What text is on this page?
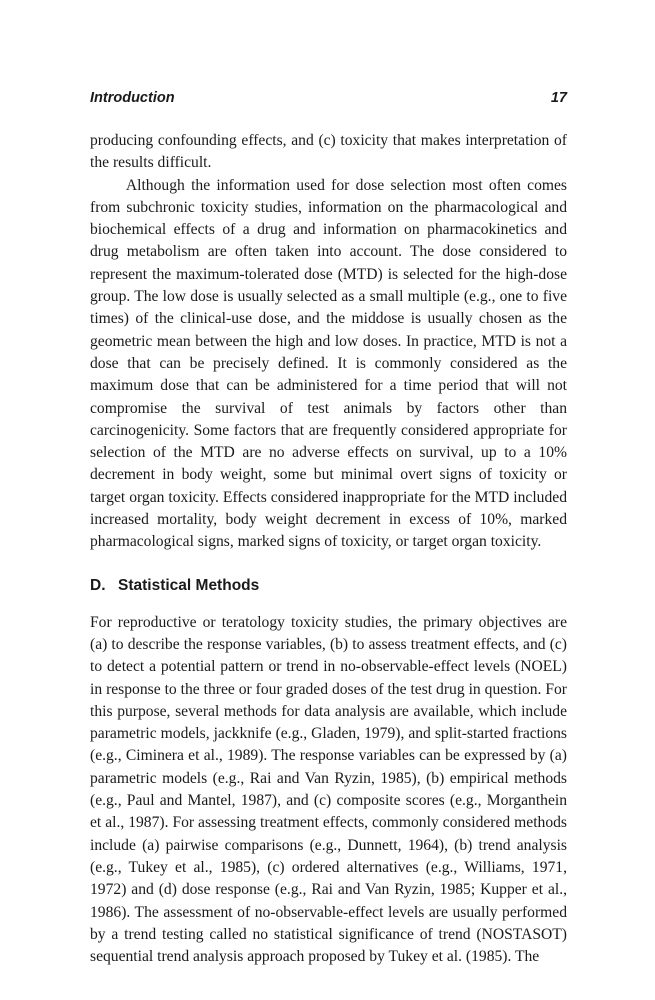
Introduction	17

producing confounding effects, and (c) toxicity that makes interpretation of the results difficult.

Although the information used for dose selection most often comes from subchronic toxicity studies, information on the pharmacological and biochemical effects of a drug and information on pharmacokinetics and drug metabolism are often taken into account. The dose considered to represent the maximum-tolerated dose (MTD) is selected for the high-dose group. The low dose is usually selected as a small multiple (e.g., one to five times) of the clinical-use dose, and the middose is usually chosen as the geometric mean between the high and low doses. In practice, MTD is not a dose that can be precisely defined. It is commonly considered as the maximum dose that can be administered for a time period that will not compromise the survival of test animals by factors other than carcinogenicity. Some factors that are frequently considered appropriate for selection of the MTD are no adverse effects on survival, up to a 10% decrement in body weight, some but minimal overt signs of toxicity or target organ toxicity. Effects considered inappropriate for the MTD included increased mortality, body weight decrement in excess of 10%, marked pharmacological signs, marked signs of toxicity, or target organ toxicity.

D. Statistical Methods

For reproductive or teratology toxicity studies, the primary objectives are (a) to describe the response variables, (b) to assess treatment effects, and (c) to detect a potential pattern or trend in no-observable-effect levels (NOEL) in response to the three or four graded doses of the test drug in question. For this purpose, several methods for data analysis are available, which include parametric models, jackknife (e.g., Gladen, 1979), and split-started fractions (e.g., Ciminera et al., 1989). The response variables can be expressed by (a) parametric models (e.g., Rai and Van Ryzin, 1985), (b) empirical methods (e.g., Paul and Mantel, 1987), and (c) composite scores (e.g., Morganthein et al., 1987). For assessing treatment effects, commonly considered methods include (a) pairwise comparisons (e.g., Dunnett, 1964), (b) trend analysis (e.g., Tukey et al., 1985), (c) ordered alternatives (e.g., Williams, 1971, 1972) and (d) dose response (e.g., Rai and Van Ryzin, 1985; Kupper et al., 1986). The assessment of no-observable-effect levels are usually performed by a trend testing called no statistical significance of trend (NOSTASOT) sequential trend analysis approach proposed by Tukey et al. (1985). The
